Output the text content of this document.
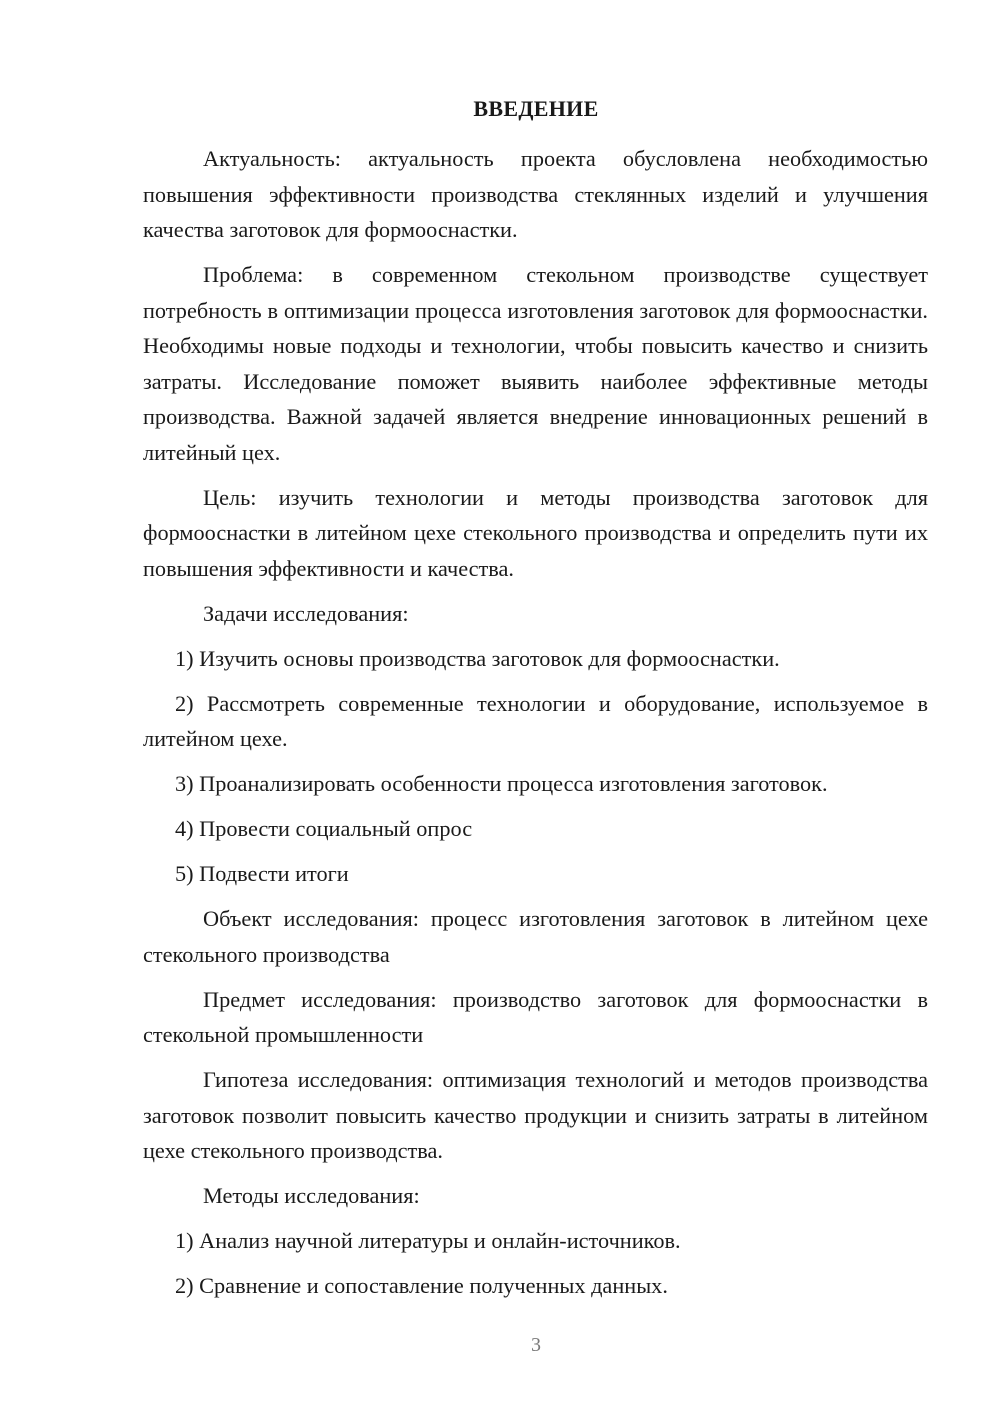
ВВЕДЕНИЕ

Актуальность: актуальность проекта обусловлена необходимостью повышения эффективности производства стеклянных изделий и улучшения качества заготовок для формооснастки.

Проблема: в современном стекольном производстве существует потребность в оптимизации процесса изготовления заготовок для формооснастки. Необходимы новые подходы и технологии, чтобы повысить качество и снизить затраты. Исследование поможет выявить наиболее эффективные методы производства. Важной задачей является внедрение инновационных решений в литейный цех.

Цель: изучить технологии и методы производства заготовок для формооснастки в литейном цехе стекольного производства и определить пути их повышения эффективности и качества.

Задачи исследования:

1) Изучить основы производства заготовок для формооснастки.

2) Рассмотреть современные технологии и оборудование, используемое в литейном цехе.

3) Проанализировать особенности процесса изготовления заготовок.

4) Провести социальный опрос

5) Подвести итоги

Объект исследования: процесс изготовления заготовок в литейном цехе стекольного производства

Предмет исследования: производство заготовок для формооснастки в стекольной промышленности

Гипотеза исследования: оптимизация технологий и методов производства заготовок позволит повысить качество продукции и снизить затраты в литейном цехе стекольного производства.

Методы исследования:

1) Анализ научной литературы и онлайн-источников.

2) Сравнение и сопоставление полученных данных.

3
